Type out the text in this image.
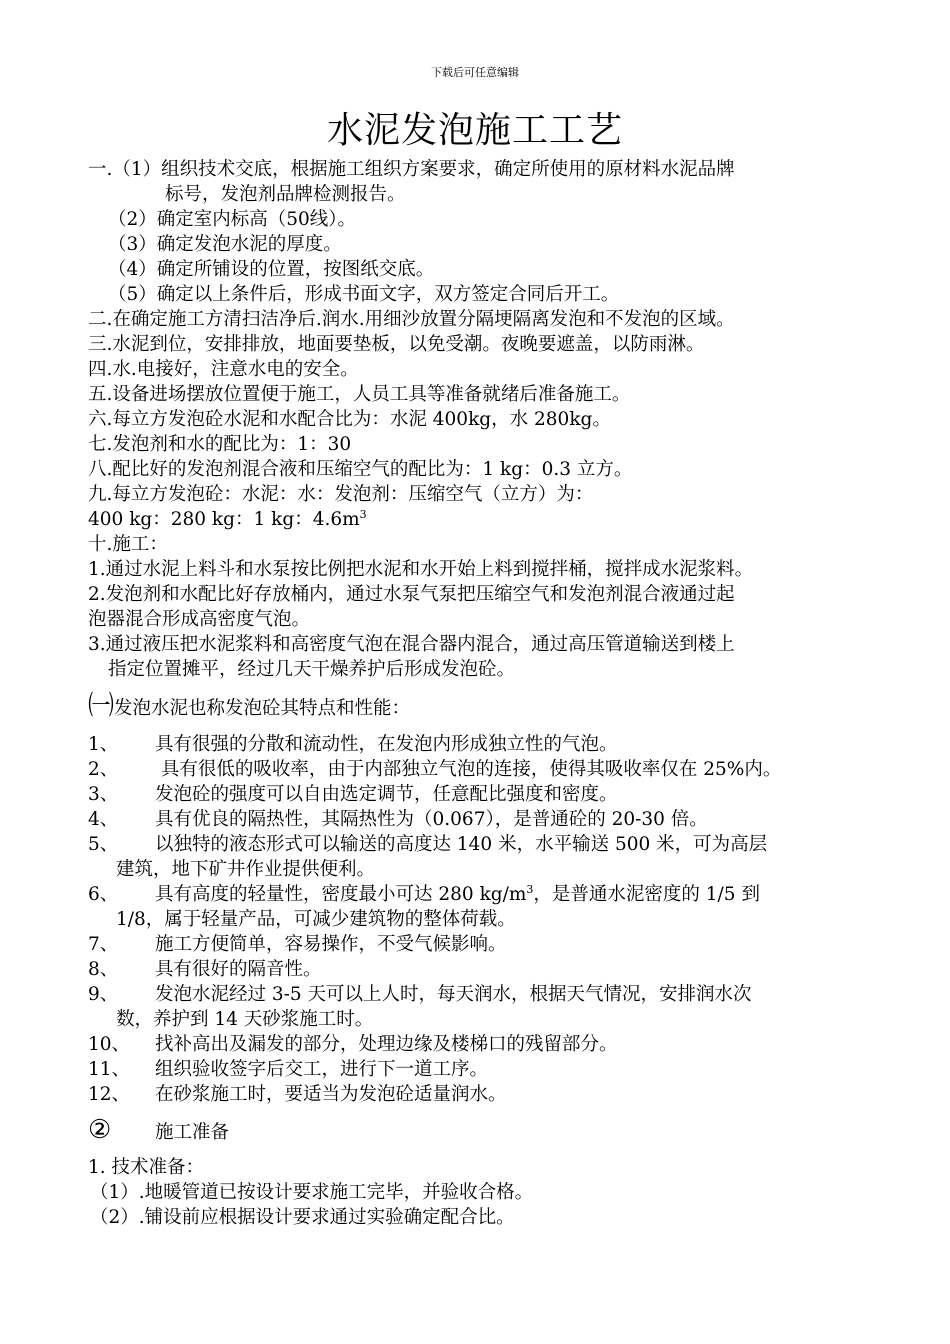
下载后可任意编辑
水泥发泡施工工艺
一.（1）组织技术交底，根据施工组织方案要求，确定所使用的原材料水泥品牌
标号，发泡剂品牌检测报告。
（2）确定室内标高（50线）。
（3）确定发泡水泥的厚度。
（4）确定所铺设的位置，按图纸交底。
（5）确定以上条件后，形成书面文字，双方签定合同后开工。
二.在确定施工方清扫洁净后.润水.用细沙放置分隔埂隔离发泡和不发泡的区域。
三.水泥到位，安排排放，地面要垫板，以免受潮。夜晚要遮盖，以防雨淋。
四.水.电接好，注意水电的安全。
五.设备进场摆放位置便于施工，人员工具等准备就绪后准备施工。
六.每立方发泡砼水泥和水配合比为：水泥 400kg，水 280kg。
七.发泡剂和水的配比为：1：30
八.配比好的发泡剂混合液和压缩空气的配比为：1 kg：0.3 立方。
九.每立方发泡砼：水泥：水：发泡剂：压缩空气（立方）为：
400 kg：280 kg：1 kg：$4.6m^3$
十.施工：
1.通过水泥上料斗和水泵按比例把水泥和水开始上料到搅拌桶，搅拌成水泥浆料。
2.发泡剂和水配比好存放桶内，通过水泵气泵把压缩空气和发泡剂混合液通过起
泡器混合形成高密度气泡。
3.通过液压把水泥浆料和高密度气泡在混合器内混合，通过高压管道输送到楼上
指定位置摊平，经过几天干燥养护后形成发泡砼。
㈠发泡水泥也称发泡砼其特点和性能：
1、 具有很强的分散和流动性，在发泡内形成独立性的气泡。
2、 具有很低的吸收率，由于内部独立气泡的连接，使得其吸收率仅在 25%内。
3、 发泡砼的强度可以自由选定调节，任意配比强度和密度。
4、 具有优良的隔热性，其隔热性为（0.067），是普通砼的 20-30 倍。
5、 以独特的液态形式可以输送的高度达 140 米，水平输送 500 米，可为高层
建筑，地下矿井作业提供便利。
6、 具有高度的轻量性，密度最小可达 280 $kg/m^3$，是普通水泥密度的 1/5 到
1/8，属于轻量产品，可减少建筑物的整体荷载。
7、 施工方便简单，容易操作，不受气候影响。
8、 具有很好的隔音性。
9、 发泡水泥经过 3-5 天可以上人时，每天润水，根据天气情况，安排润水次
数，养护到 14 天砂浆施工时。
10、 找补高出及漏发的部分，处理边缘及楼梯口的残留部分。
11、 组织验收签字后交工，进行下一道工序。
12、 在砂浆施工时，要适当为发泡砼适量润水。
② 施工准备
1. 技术准备：
（1）.地暖管道已按设计要求施工完毕，并验收合格。
（2）.铺设前应根据设计要求通过实验确定配合比。
